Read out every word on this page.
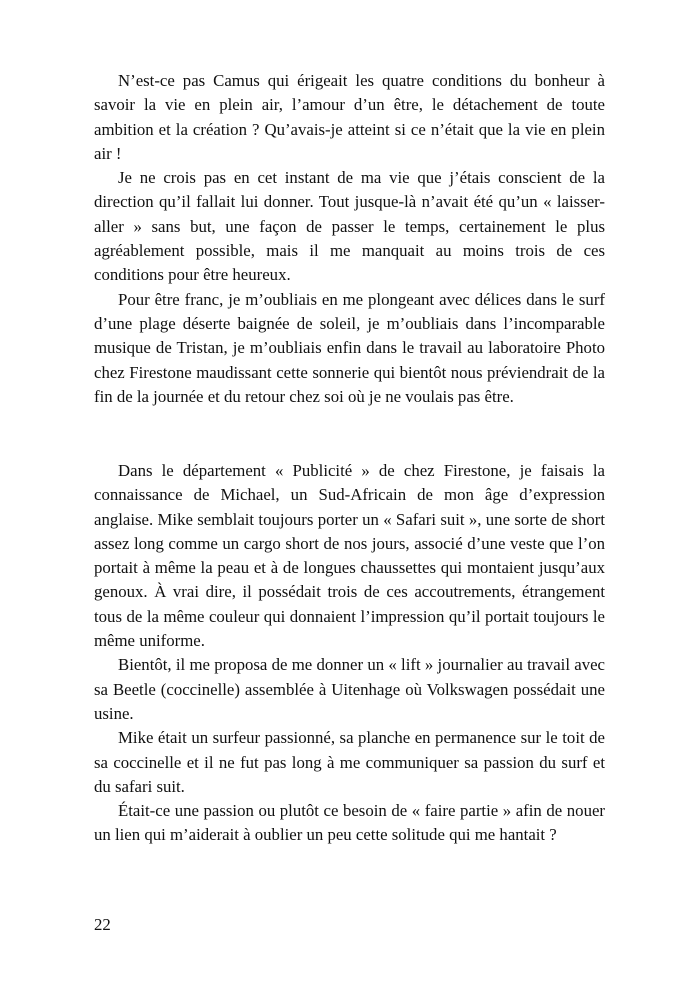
N’est-ce pas Camus qui érigeait les quatre conditions du bonheur à savoir la vie en plein air, l’amour d’un être, le détachement de toute ambition et la création ? Qu’avais-je atteint si ce n’était que la vie en plein air !

Je ne crois pas en cet instant de ma vie que j’étais conscient de la direction qu’il fallait lui donner. Tout jusque-là n’avait été qu’un « laisser-aller » sans but, une façon de passer le temps, certainement le plus agréablement possible, mais il me manquait au moins trois de ces conditions pour être heureux.

Pour être franc, je m’oubliais en me plongeant avec délices dans le surf d’une plage déserte baignée de soleil, je m’oubliais dans l’incomparable musique de Tristan, je m’oubliais enfin dans le travail au laboratoire Photo chez Firestone maudissant cette sonnerie qui bientôt nous préviendrait de la fin de la journée et du retour chez soi où je ne voulais pas être.

Dans le département « Publicité » de chez Firestone, je faisais la connaissance de Michael, un Sud-Africain de mon âge d’expression anglaise. Mike semblait toujours porter un « Safari suit », une sorte de short assez long comme un cargo short de nos jours, associé d’une veste que l’on portait à même la peau et à de longues chaussettes qui montaient jusqu’aux genoux. À vrai dire, il possédait trois de ces accoutrements, étrangement tous de la même couleur qui donnaient l’impression qu’il portait toujours le même uniforme.

Bientôt, il me proposa de me donner un « lift » journalier au travail avec sa Beetle (coccinelle) assemblée à Uitenhage où Volkswagen possédait une usine.

Mike était un surfeur passionné, sa planche en permanence sur le toit de sa coccinelle et il ne fut pas long à me communiquer sa passion du surf et du safari suit.

Était-ce une passion ou plutôt ce besoin de « faire partie » afin de nouer un lien qui m’aiderait à oublier un peu cette solitude qui me hantait ?

22
